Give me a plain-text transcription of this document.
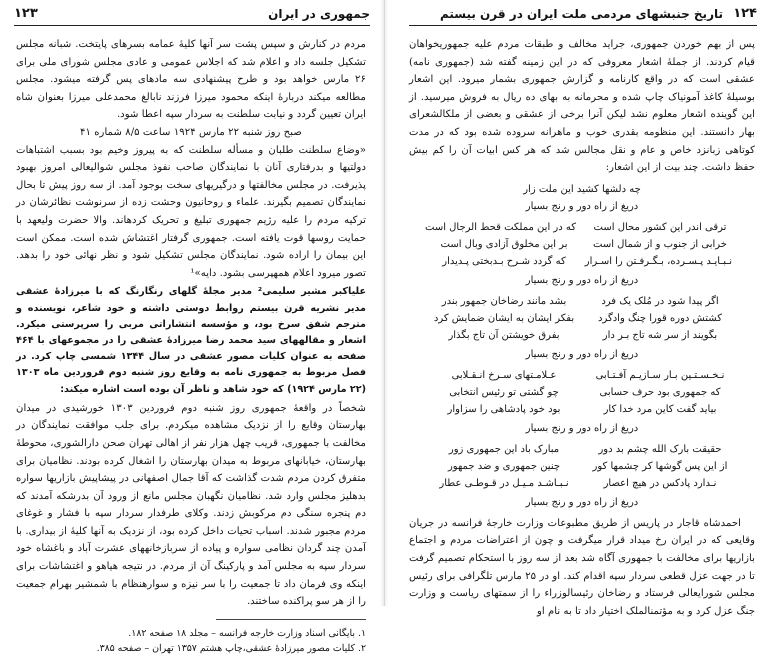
۱۲۳	جمهوری در ایران

مردم در کنارش و سپس پشت سر آنها کلیهٔ عمامه بسرهای پایتخت. شبانه مجلس تشکیل جلسه داد و اعلام شد که اجلاس عمومی و عادی مجلس شورای ملی برای ۲۶ مارس خواهد بود و طرح پیشنهادی سه مادهای پس گرفته میشود. مجلس مطالعه میکند دربارهٔ اینکه محمود میرزا فرزند نابالغ محمدعلی میرزا بعنوان شاه ایران تعیین گردد و نیابت سلطنت به سردار سپه اعطا شود.

صبح روز شنبه ۲۲ مارس ۱۹۲۴ ساعت ۸/۵ شماره ۴۱

«وضاع سلطنت طلبان و مسأله سلطنت که به پیروز وخیم بود بسبب اشتباهات دولتیها و بدرفتاری آنان با نمایندگان صاحب نفوذ مجلس شوالیعالی امروز بهبود پذیرفت. در مجلس مخالفتها و درگیریهای سخت بوجود آمد. از سه روز پیش تا بحال نمایندگان تصمیم بگیرند. علماء و روحانیون وحشت زده از سرنوشت نظائرشان در ترکیه مردم را علیه رژیم جمهوری تبلیغ و تحریک کردهاند. والا حضرت ولیعهد با حمایت روسها قوت یافته است. جمهوری گرفتار اغتشاش شده است. ممکن است این بیمان را اراده شود. نمایندگان مجلس تشکیل شود و نظر نهائی خود را بدهد. تصور میرود اعلام همهپرسی بشود. دایه»¹

علیاکبر مشیر سلیمی² مدیر مجلهٔ گلهای رنگارنگ که با میرزادهٔ عشقی مدیر نشریه قرن بیستم روابط دوستی داشته و خود شاعر، نویسنده و مترجم شفق سرخ بود، و مؤسسه انتشاراتی مربی را سرپرستی میکرد. اشعار و مقالههای سید محمد رضا میرزادهٔ عشقی را در مجموعهای با ۴۶۴ صفحه به عنوان کلیات مصور عشقی در سال ۱۳۴۴ شمسی چاپ کرد. در فصل مربوط به جمهوری نامه به وقایع روز شنبه دوم فروردین ماه ۱۳۰۳ (۲۲ مارس ۱۹۲۴) که خود شاهد و ناظر آن بوده است اشاره میکند:

شخصاً در واقعهٔ جمهوری روز شنبه دوم فروردین ۱۳۰۳ خورشیدی در میدان بهارستان وقایع را از نزدیک مشاهده میکردم. برای جلب موافقت نمایندگان در مخالفت با جمهوری، قریب چهل هزار نفر از اهالی تهران صحن دارالشوری، محوطهٔ بهارستان، خیابانهای مربوط به میدان بهارستان را اشغال کرده بودند. نظامیان برای متفرق کردن مردم شدت گذاشت که آقا جمال اصفهانی در پیشاپیش بازاریها سواره بدهلیز مجلس وارد شد. نظامیان نگهبان مجلس مانع از ورود آن بدرشکه آمدند که دم پنجره سنگی دم مرکوبش زدند. وکلای طرفدار سردار سپه با فشار و غوغای مردم مجبور شدند. اسباب تحیات داخل کرده بود، از نزدیک به آنها کلیهٔ از بیداری. با آمدن چند گردان نظامی سواره و پیاده از سربازخانههای عشرت آباد و باغشاه خود سردار سپه به مجلس آمد و پارکینگ آن از مردم. در نتیجه هیاهو و اغتشاشات برای اینکه وی فرمان داد تا جمعیت را با سر نیزه و سوارهنظام با شمشیر بهرام جمعیت را از هر سو پراکنده ساختند.

۱. بایگانی اسناد وزارت خارجه فرانسه – مجلد ۱۸ صفحه ۱۸۲.

۲. کلیات مصور میرزادهٔ عشقی،چاپ هشتم ۱۳۵۷ تهران – صفحه ۳۸۵.

۱۲۴
تاریخ جنبشهای مردمی ملت ایران در قرن بیستم

پس از بهم خوردن جمهوری، جراید مخالف و طبقات مردم علیه جمهوریخواهان قیام کردند. از جملهٔ اشعار معروفی که در این زمینه گفته شد (جمهوری نامه) عشقی است که در واقع کارنامه و گزارش جمهوری بشمار میرود. این اشعار بوسیلهٔ کاغذ آمونیاک چاپ شده و محرمانه به بهای ده ریال به فروش میرسید. از این گوینده اشعار معلوم نشد لیکن آنرا برخی از عشقی و بعضی از ملکالشعرای بهار دانستند. این منظومه بقدری خوب و ماهرانه سروده شده بود که در مدت کوتاهی زبانزد خاص و عام و نقل مجالس شد که هر کس ابیات آن را کم بیش حفظ داشت. چند بیت از این اشعار:

چه دلشها کشید این ملت زار
دریغ از راه دور و رنج بسیار
ترقی اندر این کشور محال است
که در این مملکت قحط الرجال است
خرابی از جنوب و از شمال است
بر این مخلوق آزادی وبال است
نـبـایـد پـسـرده، بـگـرفـتن را اسـرار
که گردد شـرح بـدبختی پـدیدار
دریغ از راه دور و رنج بسیار
اگر پیدا شود در مُلک یک فرد
بشد مانند رضاخان جمهور بندر
کشتش دوره قورا چنگ وادگرد
بفکر ایشان به ایشان ضمایش کرد
بگویند از سر شه تاج بـر دار
بفرق خویشتن آن تاج بگذار
دریغ از راه دور و رنج بسیار
نـخـسـتـین بـار سـازیـم آفـتـابی
عـلامـتهای سـرخ انـقـلابی
که جمهوری بود حرف حسابی
چو گشتی تو رئیس انتخابی
بیاید گفت کاین مرد خدا کار
بود خود پادشاهی را سزاوار
دریغ از راه دور و رنج بسیار
حقیقت بارک الله چشم بد دور
مبارک باد این جمهوری زور
از این پس گوشها کر چشمها کور
چنین جمهوری و ضد جمهور
نـدارد پادکس در هیچ اعصار
نـبـاشـد مـیـل در قـوطـی عطار
دریغ از راه دور و رنج بسیار

احمدشاه قاجار در پاریس از طریق مطبوعات وزارت خارجهٔ فرانسه در جریان وقایعی که در ایران رخ میداد قرار میگرفت و چون از اعتراضات مردم و اجتماع بازاریها برای مخالفت با جمهوری آگاه شد بعد از سه روز با استحکام تصمیم گرفت تا در جهت عزل قطعی سردار سپه اقدام کند. او در ۲۵ مارس تلگرافی برای رئیس مجلس شورایعالی فرستاد و رضاخان رئیسالوزراء را از سمتهای ریاست و وزارت جنگ عزل کرد و به مؤتمنالملک اختیار داد تا به نام او
